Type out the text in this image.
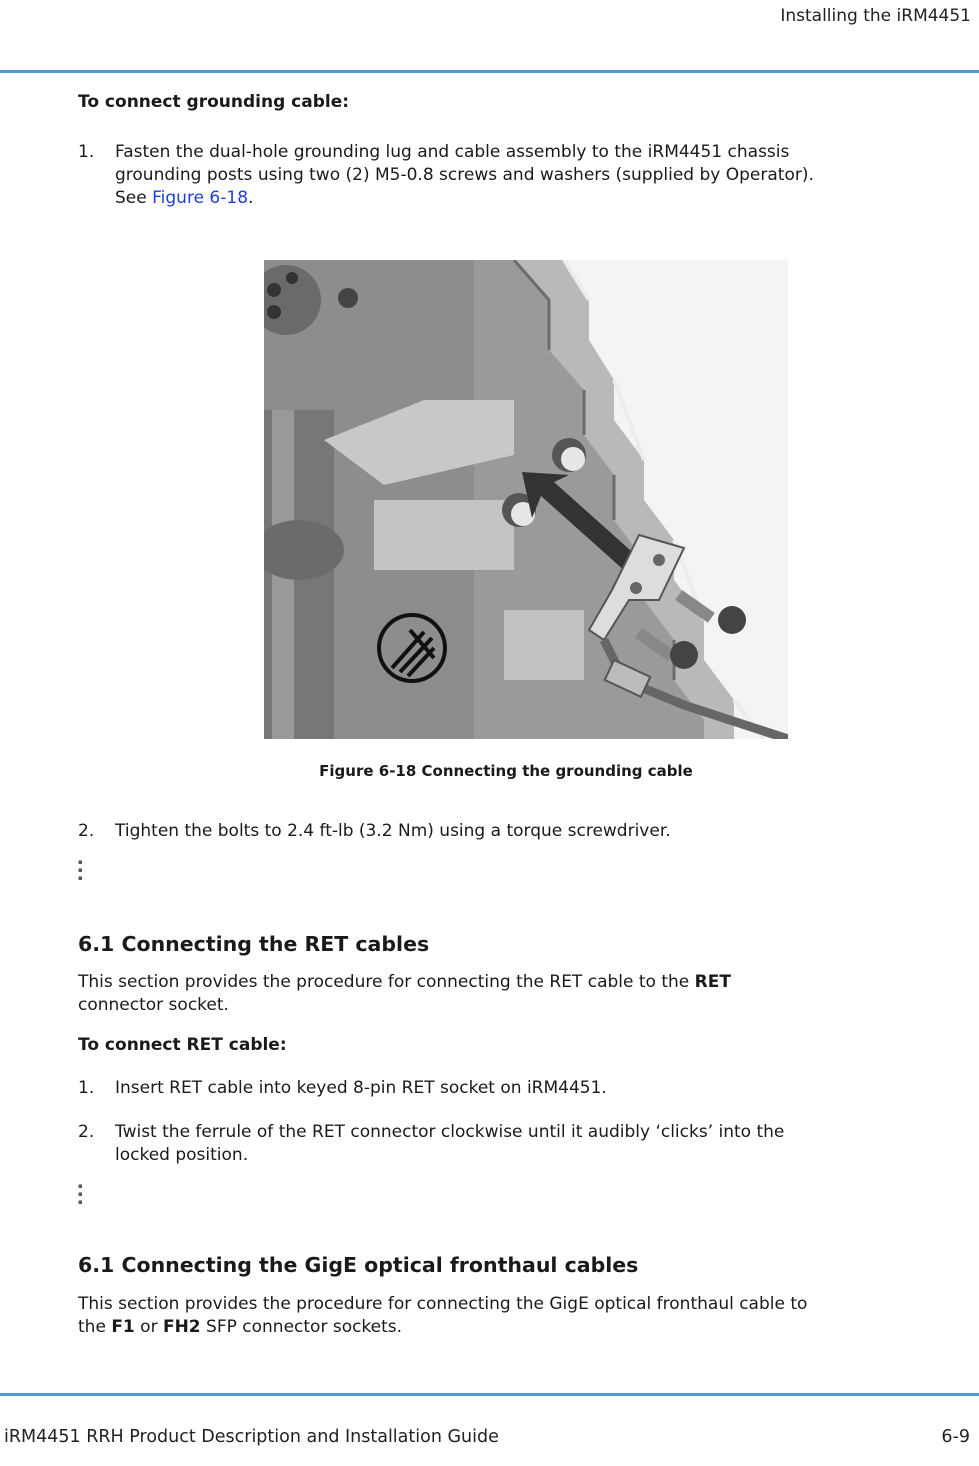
Installing the iRM4451
To connect grounding cable:
1. Fasten the dual-hole grounding lug and cable assembly to the iRM4451 chassis
grounding posts using two (2) M5-0.8 screws and washers (supplied by Operator).
See Figure 6-18.
Figure 6-18 Connecting the grounding cable
2. Tighten the bolts to 2.4 ft-lb (3.2 Nm) using a torque screwdriver.
▪
▪
▪
6.1 Connecting the RET cables
This section provides the procedure for connecting the RET cable to the RET
connector socket.
To connect RET cable:
1. Insert RET cable into keyed 8-pin RET socket on iRM4451.
2. Twist the ferrule of the RET connector clockwise until it audibly ‘clicks’ into the
locked position.
▪
▪
▪
6.1 Connecting the GigE optical fronthaul cables
This section provides the procedure for connecting the GigE optical fronthaul cable to
the F1 or FH2 SFP connector sockets.
iRM4451 RRH Product Description and Installation Guide	6-9
